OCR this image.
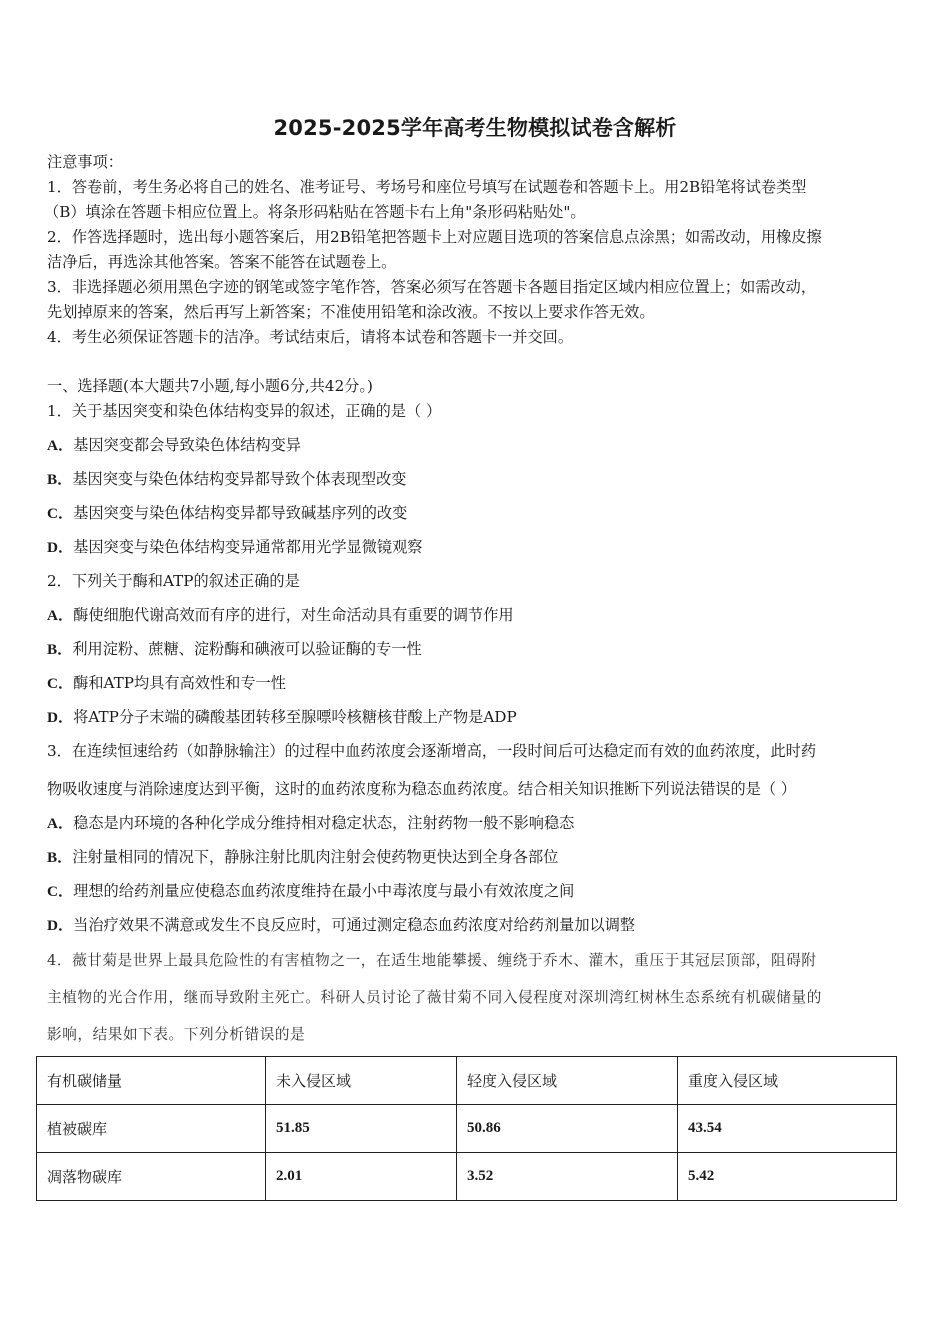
2025-2025学年高考生物模拟试卷含解析
注意事项：
1．答卷前，考生务必将自己的姓名、准考证号、考场号和座位号填写在试题卷和答题卡上。用2B铅笔将试卷类型
（B）填涂在答题卡相应位置上。将条形码粘贴在答题卡右上角"条形码粘贴处"。
2．作答选择题时，选出每小题答案后，用2B铅笔把答题卡上对应题目选项的答案信息点涂黑；如需改动，用橡皮擦
洁净后，再选涂其他答案。答案不能答在试题卷上。
3．非选择题必须用黑色字迹的钢笔或签字笔作答，答案必须写在答题卡各题目指定区域内相应位置上；如需改动，
先划掉原来的答案，然后再写上新答案；不准使用铅笔和涂改液。不按以上要求作答无效。
4．考生必须保证答题卡的洁净。考试结束后，请将本试卷和答题卡一并交回。
一、选择题(本大题共7小题,每小题6分,共42分。)
1．关于基因突变和染色体结构变异的叙述，正确的是（ ）
A．基因突变都会导致染色体结构变异
B．基因突变与染色体结构变异都导致个体表现型改变
C．基因突变与染色体结构变异都导致碱基序列的改变
D．基因突变与染色体结构变异通常都用光学显微镜观察
2．下列关于酶和ATP的叙述正确的是
A．酶使细胞代谢高效而有序的进行，对生命活动具有重要的调节作用
B．利用淀粉、蔗糖、淀粉酶和碘液可以验证酶的专一性
C．酶和ATP均具有高效性和专一性
D．将ATP分子末端的磷酸基团转移至腺嘌呤核糖核苷酸上产物是ADP
3．在连续恒速给药（如静脉输注）的过程中血药浓度会逐渐增高，一段时间后可达稳定而有效的血药浓度，此时药
物吸收速度与消除速度达到平衡，这时的血药浓度称为稳态血药浓度。结合相关知识推断下列说法错误的是（ ）
A．稳态是内环境的各种化学成分维持相对稳定状态，注射药物一般不影响稳态
B．注射量相同的情况下，静脉注射比肌肉注射会使药物更快达到全身各部位
C．理想的给药剂量应使稳态血药浓度维持在最小中毒浓度与最小有效浓度之间
D．当治疗效果不满意或发生不良反应时，可通过测定稳态血药浓度对给药剂量加以调整
4．薇甘菊是世界上最具危险性的有害植物之一，在适生地能攀援、缠绕于乔木、灌木，重压于其冠层顶部，阻碍附
主植物的光合作用，继而导致附主死亡。科研人员讨论了薇甘菊不同入侵程度对深圳湾红树林生态系统有机碳储量的
影响，结果如下表。下列分析错误的是
有机碳储量	未入侵区域	轻度入侵区域	重度入侵区域
植被碳库	51.85	50.86	43.54
凋落物碳库	2.01	3.52	5.42
